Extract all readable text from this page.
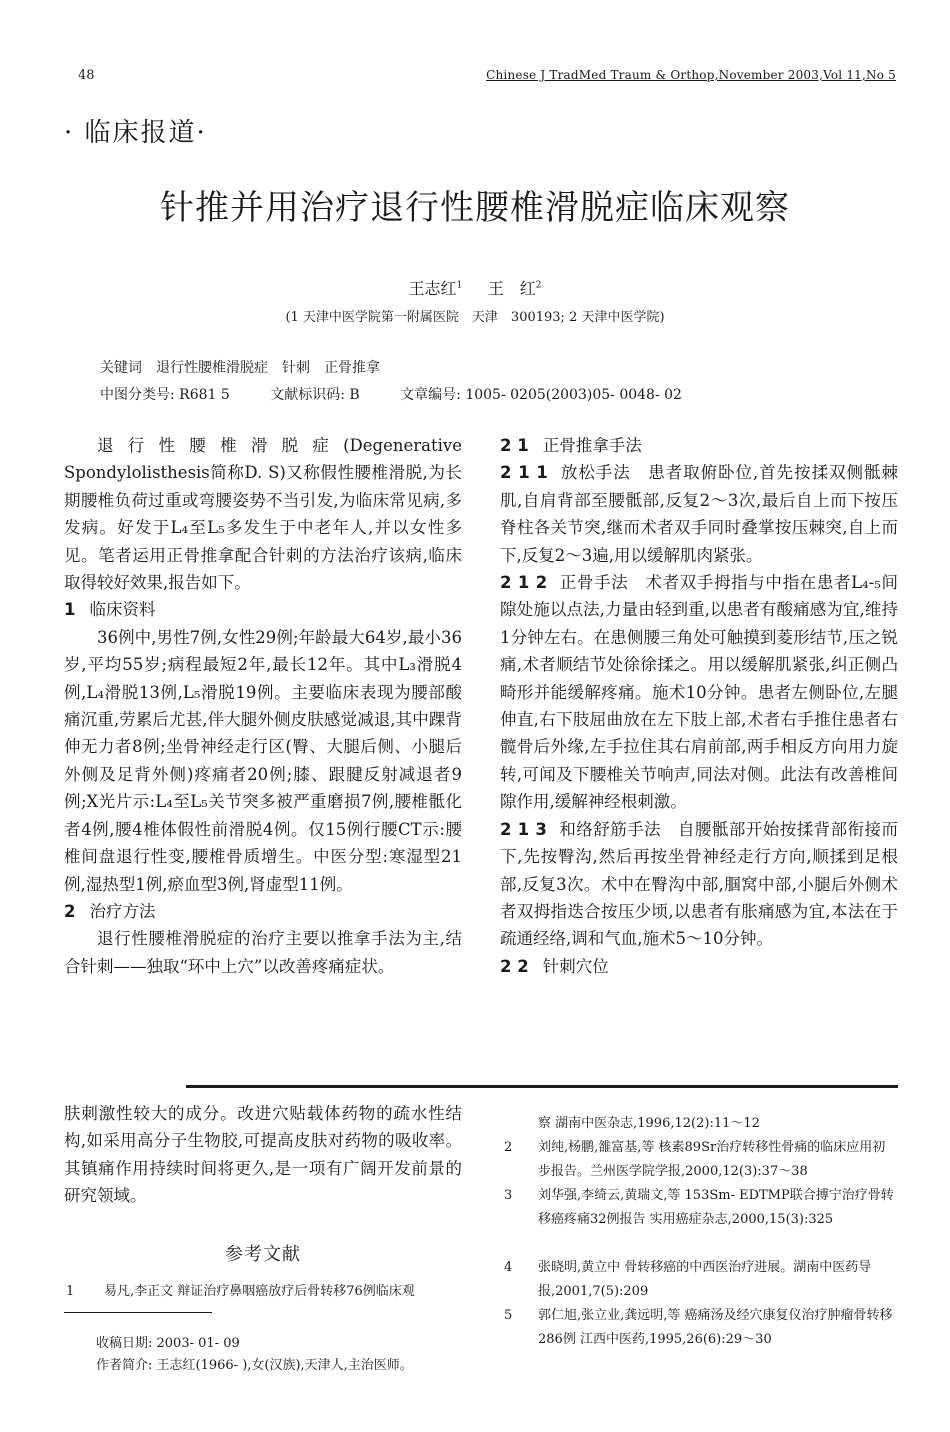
48	Chinese J TradMed Traum & Orthop,November 2003,Vol 11,No 5
· 临床报道·
针推并用治疗退行性腰椎滑脱症临床观察
王志红$^1$ 王　红$^2$
(1 天津中医学院第一附属医院　天津　300193; 2 天津中医学院)
关键词　退行性腰椎滑脱症　针刺　正骨推拿
中图分类号: R681 5	文献标识码: B	文章编号: 1005- 0205(2003)05- 0048- 02

退行性腰椎滑脱症(Degenerative Spondylolisthesis简称D. S)又称假性腰椎滑脱,为长期腰椎负荷过重或弯腰姿势不当引发,为临床常见病,多发病。好发于L₄至L₅多发生于中老年人,并以女性多见。笔者运用正骨推拿配合针刺的方法治疗该病,临床取得较好效果,报告如下。

1 临床资料

36例中,男性7例,女性29例;年龄最大64岁,最小36岁,平均55岁;病程最短2年,最长12年。其中L₃滑脱4例,L₄滑脱13例,L₅滑脱19例。主要临床表现为腰部酸痛沉重,劳累后尤甚,伴大腿外侧皮肤感觉减退,其中踝背伸无力者8例;坐骨神经走行区(臀、大腿后侧、小腿后外侧及足背外侧)疼痛者20例;膝、跟腱反射减退者9例;X光片示:L₄至L₅关节突多被严重磨损7例,腰椎骶化者4例,腰4椎体假性前滑脱4例。仅15例行腰CT示:腰椎间盘退行性变,腰椎骨质增生。中医分型:寒湿型21例,湿热型1例,瘀血型3例,肾虚型11例。

2 治疗方法

退行性腰椎滑脱症的治疗主要以推拿手法为主,结合针刺——独取“环中上穴”以改善疼痛症状。

2 1 正骨推拿手法

2 1 1 放松手法　患者取俯卧位,首先按揉双侧骶棘肌,自肩背部至腰骶部,反复2～3次,最后自上而下按压脊柱各关节突,继而术者双手同时叠掌按压棘突,自上而下,反复2～3遍,用以缓解肌肉紧张。

2 1 2 正骨手法　术者双手拇指与中指在患者L₄-₅间隙处施以点法,力量由轻到重,以患者有酸痛感为宜,维持1分钟左右。在患侧腰三角处可触摸到菱形结节,压之锐痛,术者顺结节处徐徐揉之。用以缓解肌紧张,纠正侧凸畸形并能缓解疼痛。施术10分钟。患者左侧卧位,左腿伸直,右下肢屈曲放在左下肢上部,术者右手推住患者右髋骨后外缘,左手拉住其右肩前部,两手相反方向用力旋转,可闻及下腰椎关节响声,同法对侧。此法有改善椎间隙作用,缓解神经根刺激。

2 1 3 和络舒筋手法　自腰骶部开始按揉背部衔接而下,先按臀沟,然后再按坐骨神经走行方向,顺揉到足根部,反复3次。术中在臀沟中部,腘窝中部,小腿后外侧术者双拇指迭合按压少顷,以患者有胀痛感为宜,本法在于疏通经络,调和气血,施术5～10分钟。

2 2 针刺穴位

肤刺激性较大的成分。改进穴贴载体药物的疏水性结构,如采用高分子生物胶,可提高皮肤对药物的吸收率。其镇痛作用持续时间将更久,是一项有广阔开发前景的研究领域。

参考文献
1 易凡,李正文 辩证治疗鼻咽癌放疗后骨转移76例临床观
收稿日期: 2003- 01- 09
作者简介: 王志红(1966- ),女(汉族),天津人,主治医师。
察 湖南中医杂志,1996,12(2):11～12
2 刘纯,杨鹏,雒富基,等 核素89Sr治疗转移性骨痛的临床应用初步报告。兰州医学院学报,2000,12(3):37～38
3 刘华强,李绮云,黄瑞文,等 153Sm- EDTMP联合搏宁治疗骨转移癌疼痛32例报告 实用癌症杂志,2000,15(3):325
4 张晓明,黄立中 骨转移癌的中西医治疗进展。湖南中医药导报,2001,7(5):209
5 郭仁旭,张立业,龚远明,等 癌痛汤及经穴康复仪治疗肿瘤骨转移286例 江西中医药,1995,26(6):29～30
